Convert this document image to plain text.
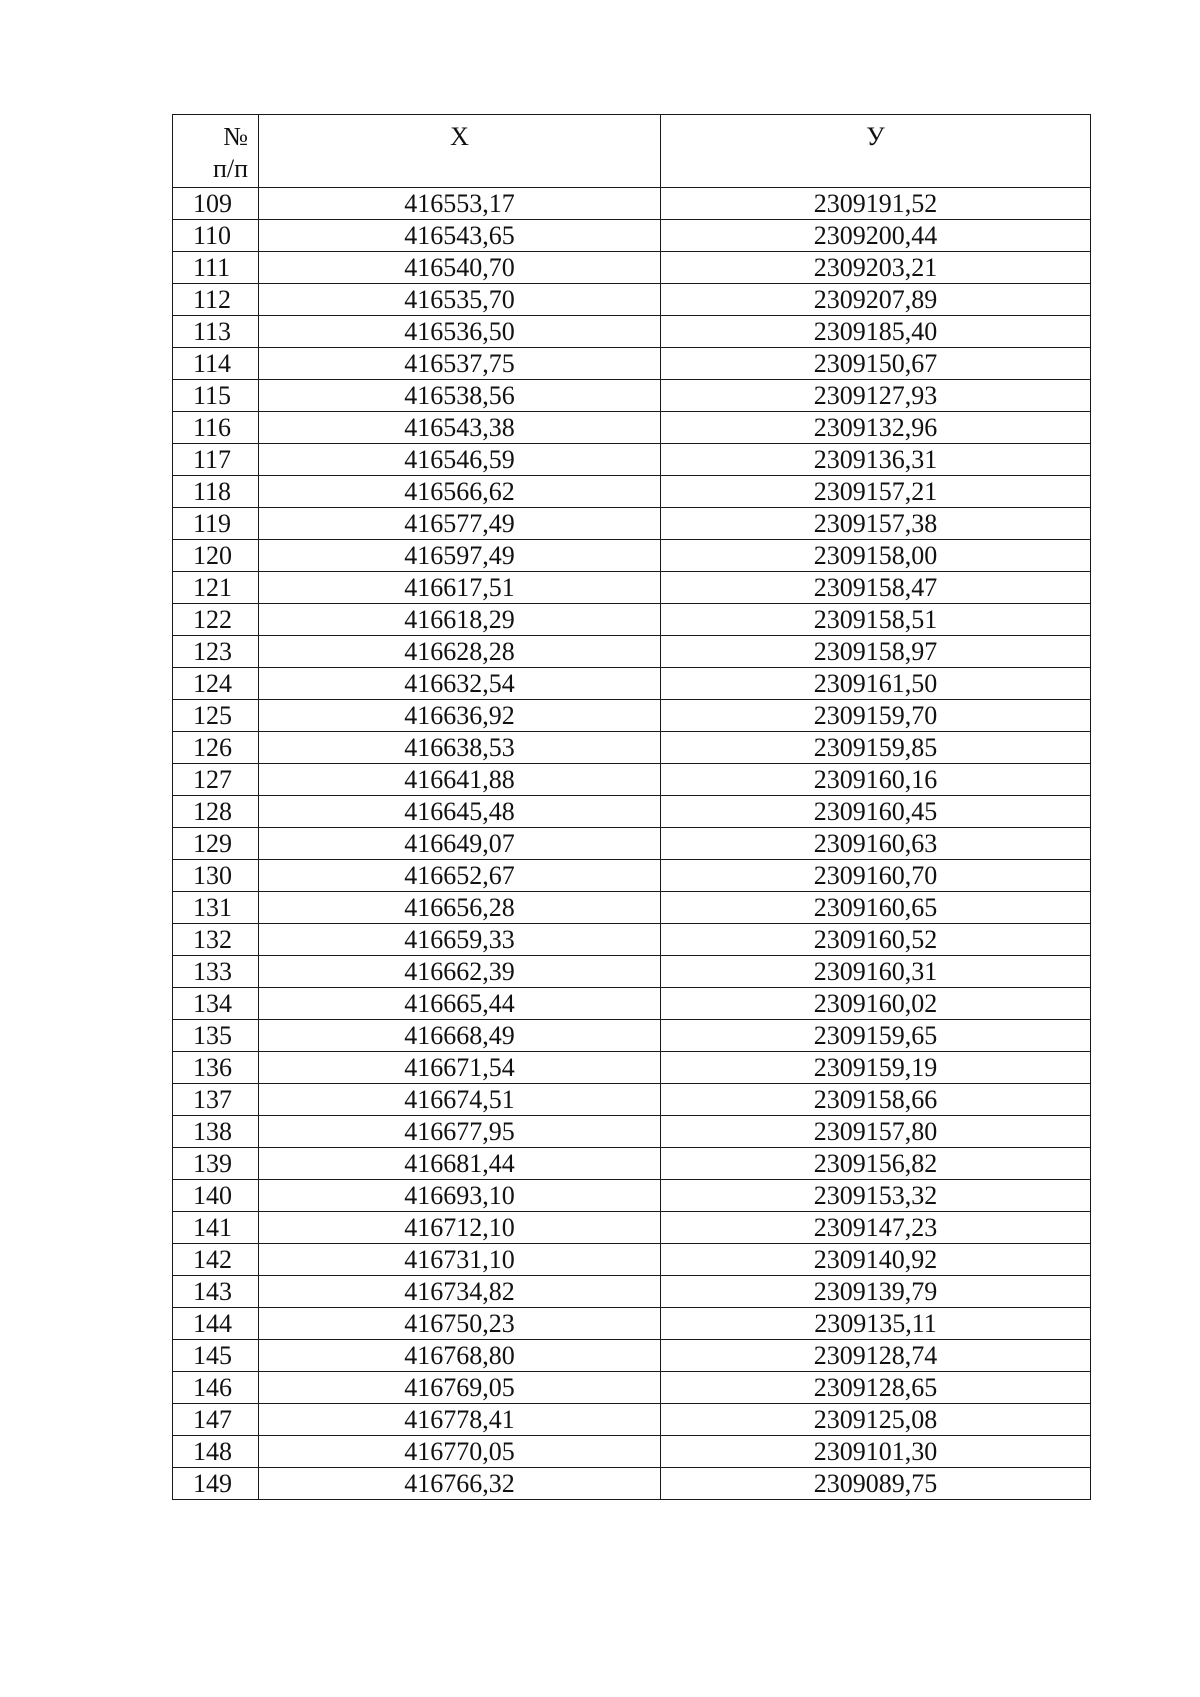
№
п/п	Х	У

109	416553,17	2309191,52
110	416543,65	2309200,44
111	416540,70	2309203,21
112	416535,70	2309207,89
113	416536,50	2309185,40
114	416537,75	2309150,67
115	416538,56	2309127,93
116	416543,38	2309132,96
117	416546,59	2309136,31
118	416566,62	2309157,21
119	416577,49	2309157,38
120	416597,49	2309158,00
121	416617,51	2309158,47
122	416618,29	2309158,51
123	416628,28	2309158,97
124	416632,54	2309161,50
125	416636,92	2309159,70
126	416638,53	2309159,85
127	416641,88	2309160,16
128	416645,48	2309160,45
129	416649,07	2309160,63
130	416652,67	2309160,70
131	416656,28	2309160,65
132	416659,33	2309160,52
133	416662,39	2309160,31
134	416665,44	2309160,02
135	416668,49	2309159,65
136	416671,54	2309159,19
137	416674,51	2309158,66
138	416677,95	2309157,80
139	416681,44	2309156,82
140	416693,10	2309153,32
141	416712,10	2309147,23
142	416731,10	2309140,92
143	416734,82	2309139,79
144	416750,23	2309135,11
145	416768,80	2309128,74
146	416769,05	2309128,65
147	416778,41	2309125,08
148	416770,05	2309101,30
149	416766,32	2309089,75
